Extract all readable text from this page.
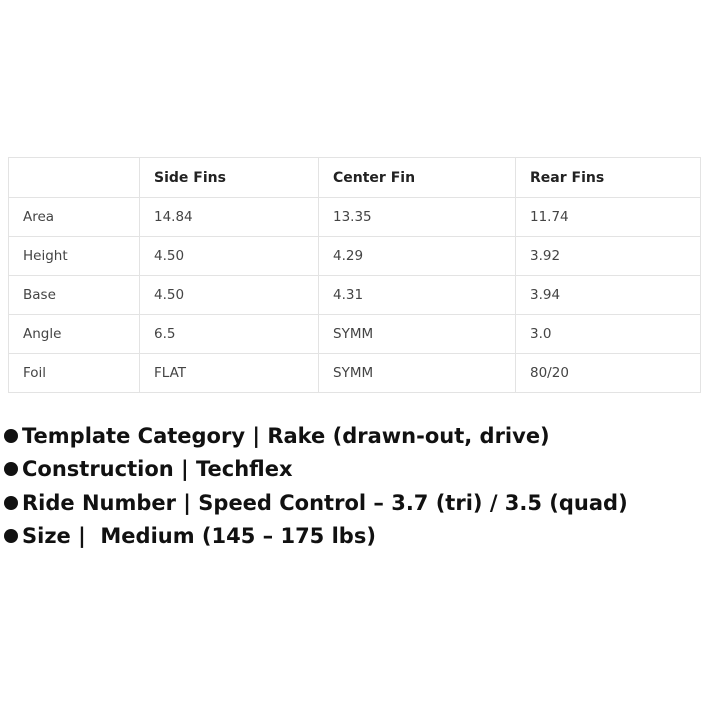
	Side Fins	Center Fin	Rear Fins
Area	14.84	13.35	11.74
Height	4.50	4.29	3.92
Base	4.50	4.31	3.94
Angle	6.5	SYMM	3.0
Foil	FLAT	SYMM	80/20
Template Category | Rake (drawn-out, drive)
Construction | Techflex
Ride Number | Speed Control – 3.7 (tri) / 3.5 (quad)
Size |  Medium (145 – 175 lbs)
